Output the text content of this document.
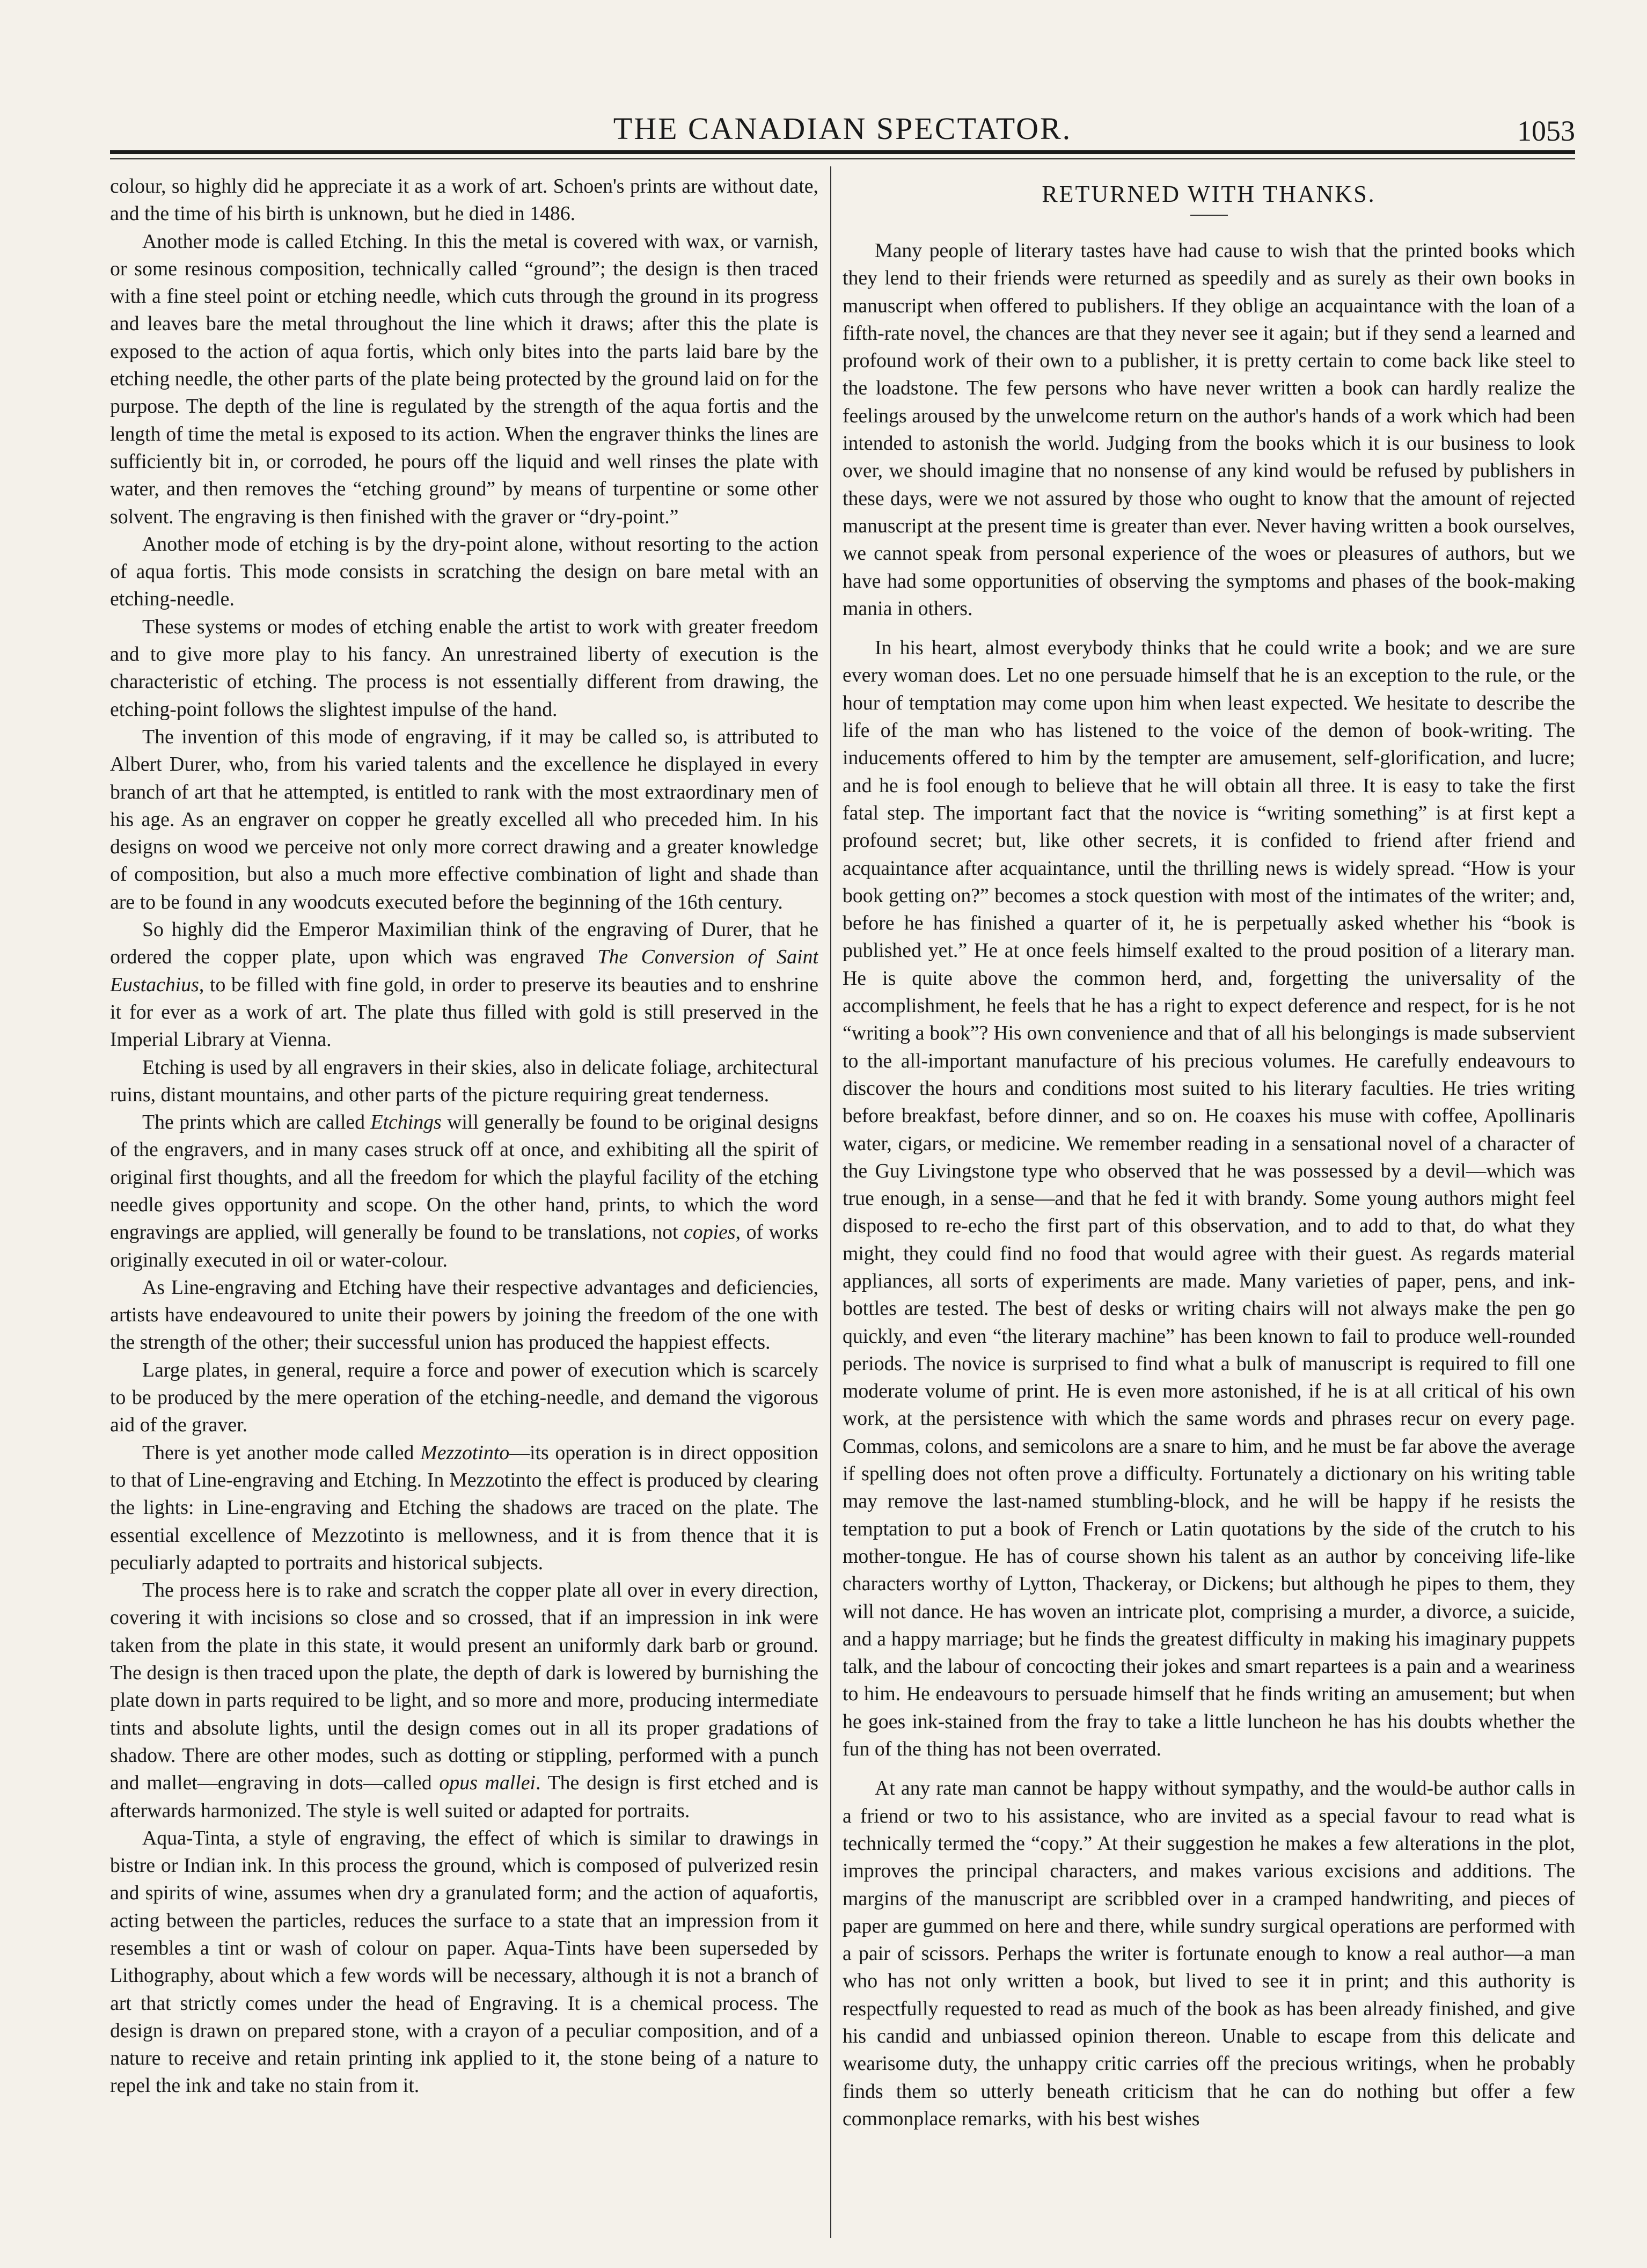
THE CANADIAN SPECTATOR.	1053

colour, so highly did he appreciate it as a work of art. Schoen's prints are without date, and the time of his birth is unknown, but he died in 1486.

Another mode is called Etching. In this the metal is covered with wax, or varnish, or some resinous composition, technically called “ground”; the design is then traced with a fine steel point or etching needle, which cuts through the ground in its progress and leaves bare the metal throughout the line which it draws; after this the plate is exposed to the action of aqua fortis, which only bites into the parts laid bare by the etching needle, the other parts of the plate being protected by the ground laid on for the purpose. The depth of the line is regulated by the strength of the aqua fortis and the length of time the metal is exposed to its action. When the engraver thinks the lines are sufficiently bit in, or corroded, he pours off the liquid and well rinses the plate with water, and then removes the “etching ground” by means of turpentine or some other solvent. The engraving is then finished with the graver or “dry-point.”

Another mode of etching is by the dry-point alone, without resorting to the action of aqua fortis. This mode consists in scratching the design on bare metal with an etching-needle.

These systems or modes of etching enable the artist to work with greater freedom and to give more play to his fancy. An unrestrained liberty of execution is the characteristic of etching. The process is not essentially different from drawing, the etching-point follows the slightest impulse of the hand.

The invention of this mode of engraving, if it may be called so, is attributed to Albert Durer, who, from his varied talents and the excellence he displayed in every branch of art that he attempted, is entitled to rank with the most extraordinary men of his age. As an engraver on copper he greatly excelled all who preceded him. In his designs on wood we perceive not only more correct drawing and a greater knowledge of composition, but also a much more effective combination of light and shade than are to be found in any woodcuts executed before the beginning of the 16th century.

So highly did the Emperor Maximilian think of the engraving of Durer, that he ordered the copper plate, upon which was engraved The Conversion of Saint Eustachius, to be filled with fine gold, in order to preserve its beauties and to enshrine it for ever as a work of art. The plate thus filled with gold is still preserved in the Imperial Library at Vienna.

Etching is used by all engravers in their skies, also in delicate foliage, architectural ruins, distant mountains, and other parts of the picture requiring great tenderness.

The prints which are called Etchings will generally be found to be original designs of the engravers, and in many cases struck off at once, and exhibiting all the spirit of original first thoughts, and all the freedom for which the playful facility of the etching needle gives opportunity and scope. On the other hand, prints, to which the word engravings are applied, will generally be found to be translations, not copies, of works originally executed in oil or water-colour.

As Line-engraving and Etching have their respective advantages and deficiencies, artists have endeavoured to unite their powers by joining the freedom of the one with the strength of the other; their successful union has produced the happiest effects.

Large plates, in general, require a force and power of execution which is scarcely to be produced by the mere operation of the etching-needle, and demand the vigorous aid of the graver.

There is yet another mode called Mezzotinto—its operation is in direct opposition to that of Line-engraving and Etching. In Mezzotinto the effect is produced by clearing the lights: in Line-engraving and Etching the shadows are traced on the plate. The essential excellence of Mezzotinto is mellowness, and it is from thence that it is peculiarly adapted to portraits and historical subjects.

The process here is to rake and scratch the copper plate all over in every direction, covering it with incisions so close and so crossed, that if an impression in ink were taken from the plate in this state, it would present an uniformly dark barb or ground. The design is then traced upon the plate, the depth of dark is lowered by burnishing the plate down in parts required to be light, and so more and more, producing intermediate tints and absolute lights, until the design comes out in all its proper gradations of shadow. There are other modes, such as dotting or stippling, performed with a punch and mallet—engraving in dots—called opus mallei. The design is first etched and is afterwards harmonized. The style is well suited or adapted for portraits.

Aqua-Tinta, a style of engraving, the effect of which is similar to drawings in bistre or Indian ink. In this process the ground, which is composed of pulverized resin and spirits of wine, assumes when dry a granulated form; and the action of aquafortis, acting between the particles, reduces the surface to a state that an impression from it resembles a tint or wash of colour on paper. Aqua-Tints have been superseded by Lithography, about which a few words will be necessary, although it is not a branch of art that strictly comes under the head of Engraving. It is a chemical process. The design is drawn on prepared stone, with a crayon of a peculiar composition, and of a nature to receive and retain printing ink applied to it, the stone being of a nature to repel the ink and take no stain from it.

RETURNED WITH THANKS.

Many people of literary tastes have had cause to wish that the printed books which they lend to their friends were returned as speedily and as surely as their own books in manuscript when offered to publishers. If they oblige an acquaintance with the loan of a fifth-rate novel, the chances are that they never see it again; but if they send a learned and profound work of their own to a publisher, it is pretty certain to come back like steel to the loadstone. The few persons who have never written a book can hardly realize the feelings aroused by the unwelcome return on the author's hands of a work which had been intended to astonish the world. Judging from the books which it is our business to look over, we should imagine that no nonsense of any kind would be refused by publishers in these days, were we not assured by those who ought to know that the amount of rejected manuscript at the present time is greater than ever. Never having written a book ourselves, we cannot speak from personal experience of the woes or pleasures of authors, but we have had some opportunities of observing the symptoms and phases of the book-making mania in others.

In his heart, almost everybody thinks that he could write a book; and we are sure every woman does. Let no one persuade himself that he is an exception to the rule, or the hour of temptation may come upon him when least expected. We hesitate to describe the life of the man who has listened to the voice of the demon of book-writing. The inducements offered to him by the tempter are amusement, self-glorification, and lucre; and he is fool enough to believe that he will obtain all three. It is easy to take the first fatal step. The important fact that the novice is “writing something” is at first kept a profound secret; but, like other secrets, it is confided to friend after friend and acquaintance after acquaintance, until the thrilling news is widely spread. “How is your book getting on?” becomes a stock question with most of the intimates of the writer; and, before he has finished a quarter of it, he is perpetually asked whether his “book is published yet.” He at once feels himself exalted to the proud position of a literary man. He is quite above the common herd, and, forgetting the universality of the accomplishment, he feels that he has a right to expect deference and respect, for is he not “writing a book”? His own convenience and that of all his belongings is made subservient to the all-important manufacture of his precious volumes. He carefully endeavours to discover the hours and conditions most suited to his literary faculties. He tries writing before breakfast, before dinner, and so on. He coaxes his muse with coffee, Apollinaris water, cigars, or medicine. We remember reading in a sensational novel of a character of the Guy Livingstone type who observed that he was possessed by a devil—which was true enough, in a sense—and that he fed it with brandy. Some young authors might feel disposed to re-echo the first part of this observation, and to add to that, do what they might, they could find no food that would agree with their guest. As regards material appliances, all sorts of experiments are made. Many varieties of paper, pens, and ink-bottles are tested. The best of desks or writing chairs will not always make the pen go quickly, and even “the literary machine” has been known to fail to produce well-rounded periods. The novice is surprised to find what a bulk of manuscript is required to fill one moderate volume of print. He is even more astonished, if he is at all critical of his own work, at the persistence with which the same words and phrases recur on every page. Commas, colons, and semicolons are a snare to him, and he must be far above the average if spelling does not often prove a difficulty. Fortunately a dictionary on his writing table may remove the last-named stumbling-block, and he will be happy if he resists the temptation to put a book of French or Latin quotations by the side of the crutch to his mother-tongue. He has of course shown his talent as an author by conceiving life-like characters worthy of Lytton, Thackeray, or Dickens; but although he pipes to them, they will not dance. He has woven an intricate plot, comprising a murder, a divorce, a suicide, and a happy marriage; but he finds the greatest difficulty in making his imaginary puppets talk, and the labour of concocting their jokes and smart repartees is a pain and a weariness to him. He endeavours to persuade himself that he finds writing an amusement; but when he goes ink-stained from the fray to take a little luncheon he has his doubts whether the fun of the thing has not been overrated.

At any rate man cannot be happy without sympathy, and the would-be author calls in a friend or two to his assistance, who are invited as a special favour to read what is technically termed the “copy.” At their suggestion he makes a few alterations in the plot, improves the principal characters, and makes various excisions and additions. The margins of the manuscript are scribbled over in a cramped handwriting, and pieces of paper are gummed on here and there, while sundry surgical operations are performed with a pair of scissors. Perhaps the writer is fortunate enough to know a real author—a man who has not only written a book, but lived to see it in print; and this authority is respectfully requested to read as much of the book as has been already finished, and give his candid and unbiassed opinion thereon. Unable to escape from this delicate and wearisome duty, the unhappy critic carries off the precious writings, when he probably finds them so utterly beneath criticism that he can do nothing but offer a few commonplace remarks, with his best wishes
